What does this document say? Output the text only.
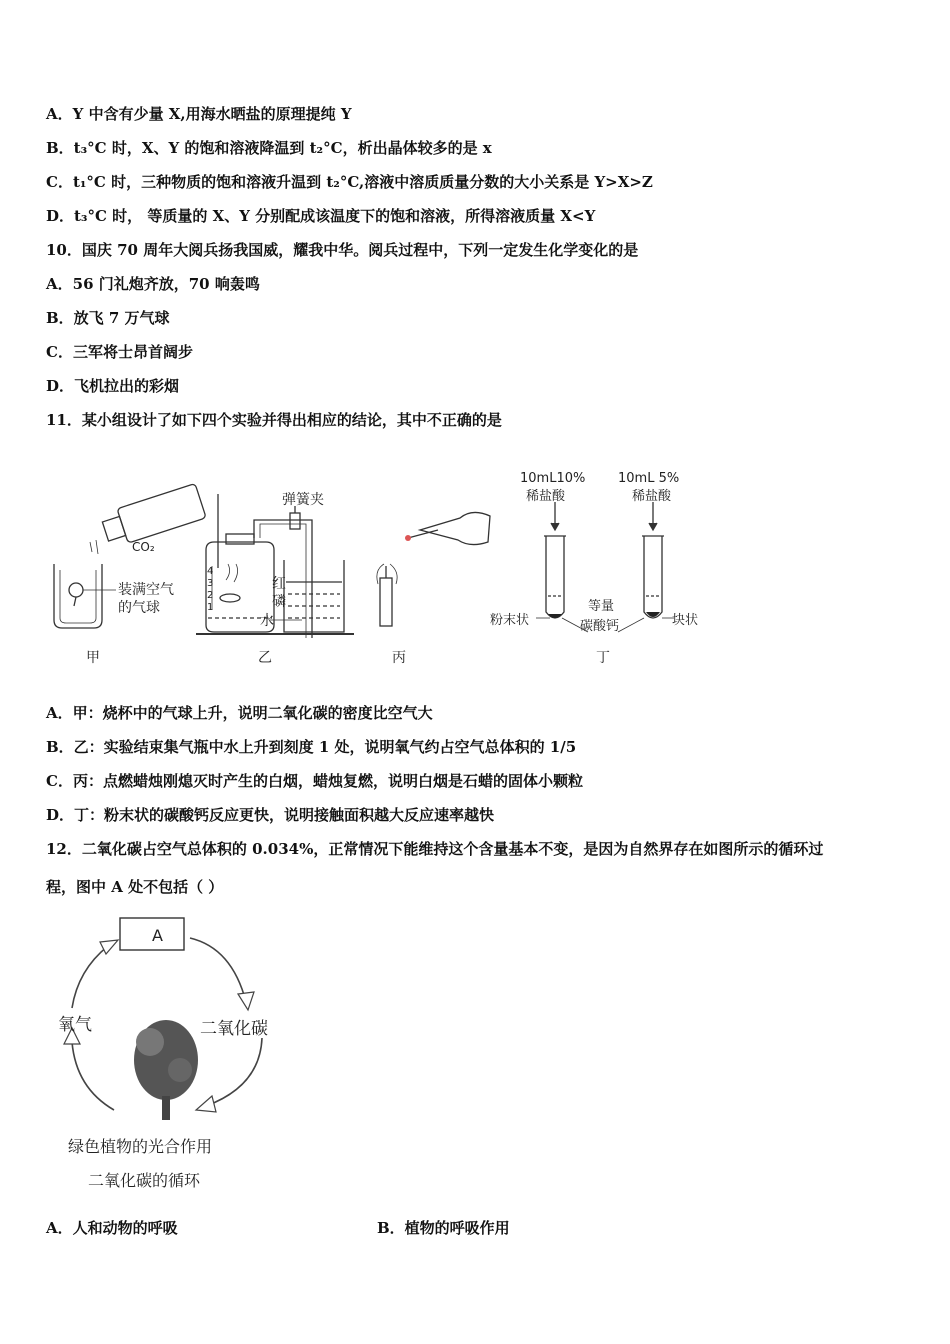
A．Y 中含有少量 X,用海水晒盐的原理提纯 Y
B．t₃°C 时，X、Y 的饱和溶液降温到 t₂°C，析出晶体较多的是 x
C．t₁°C 时，三种物质的饱和溶液升温到 t₂°C,溶液中溶质质量分数的大小关系是 Y>X>Z
D．t₃°C 时， 等质量的 X、Y 分别配成该温度下的饱和溶液，所得溶液质量 X<Y
10．国庆 70 周年大阅兵扬我国威，耀我中华。阅兵过程中，下列一定发生化学变化的是
A．56 门礼炮齐放，70 响轰鸣
B．放飞 7 万气球
C．三军将士昂首阔步
D．飞机拉出的彩烟
11．某小组设计了如下四个实验并得出相应的结论，其中不正确的是
CO₂
装满空气
的气球
甲
弹簧夹
红
磷
水
4
3
2
1
乙	丙
10mL10%
稀盐酸
10mL 5%
稀盐酸
粉末状
等量
碳酸钙	块状
丁
A．甲：烧杯中的气球上升，说明二氧化碳的密度比空气大
B．乙：实验结束集气瓶中水上升到刻度 1 处，说明氧气约占空气总体积的 1/5
C．丙：点燃蜡烛刚熄灭时产生的白烟，蜡烛复燃，说明白烟是石蜡的固体小颗粒
D．丁：粉末状的碳酸钙反应更快，说明接触面积越大反应速率越快
12．二氧化碳占空气总体积的 0.034%，正常情况下能维持这个含量基本不变，是因为自然界存在如图所示的循环过
程，图中 A 处不包括（ ）
A
氧气	二氧化碳
绿色植物的光合作用
二氧化碳的循环
A．人和动物的呼吸	B．植物的呼吸作用
